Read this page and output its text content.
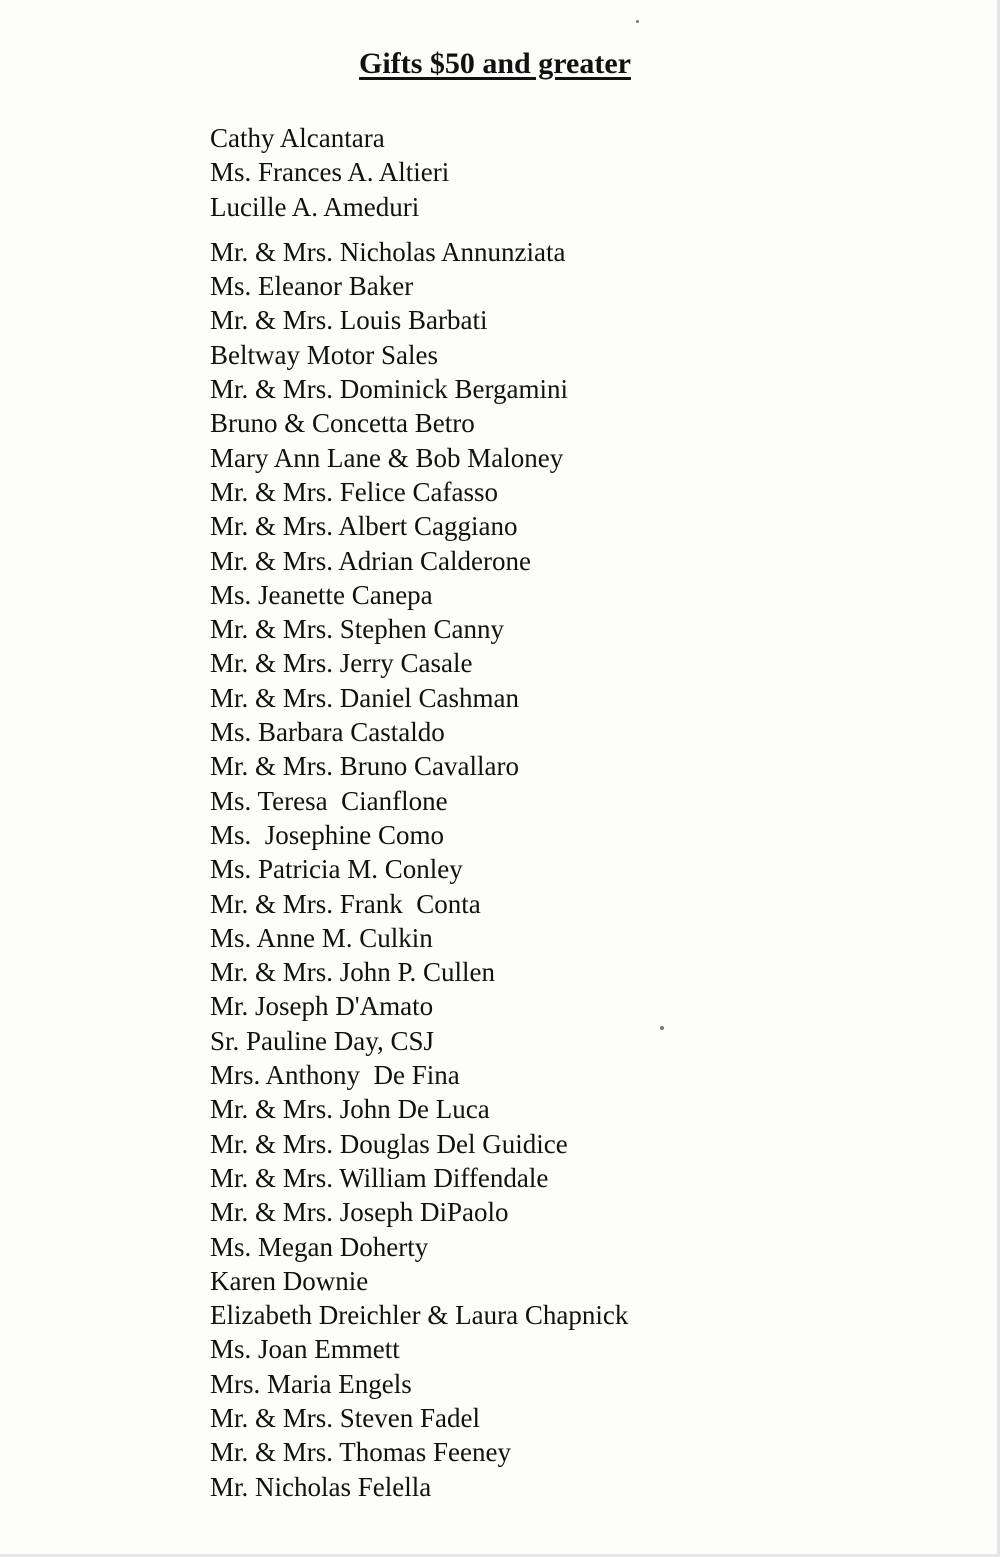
Gifts $50 and greater
Cathy Alcantara
Ms. Frances A. Altieri
Lucille A. Ameduri
Mr. & Mrs. Nicholas Annunziata
Ms. Eleanor Baker
Mr. & Mrs. Louis Barbati
Beltway Motor Sales
Mr. & Mrs. Dominick Bergamini
Bruno & Concetta Betro
Mary Ann Lane & Bob Maloney
Mr. & Mrs. Felice Cafasso
Mr. & Mrs. Albert Caggiano
Mr. & Mrs. Adrian Calderone
Ms. Jeanette Canepa
Mr. & Mrs. Stephen Canny
Mr. & Mrs. Jerry Casale
Mr. & Mrs. Daniel Cashman
Ms. Barbara Castaldo
Mr. & Mrs. Bruno Cavallaro
Ms. Teresa  Cianflone
Ms.  Josephine Como
Ms. Patricia M. Conley
Mr. & Mrs. Frank  Conta
Ms. Anne M. Culkin
Mr. & Mrs. John P. Cullen
Mr. Joseph D'Amato
Sr. Pauline Day, CSJ
Mrs. Anthony  De Fina
Mr. & Mrs. John De Luca
Mr. & Mrs. Douglas Del Guidice
Mr. & Mrs. William Diffendale
Mr. & Mrs. Joseph DiPaolo
Ms. Megan Doherty
Karen Downie
Elizabeth Dreichler & Laura Chapnick
Ms. Joan Emmett
Mrs. Maria Engels
Mr. & Mrs. Steven Fadel
Mr. & Mrs. Thomas Feeney
Mr. Nicholas Felella
